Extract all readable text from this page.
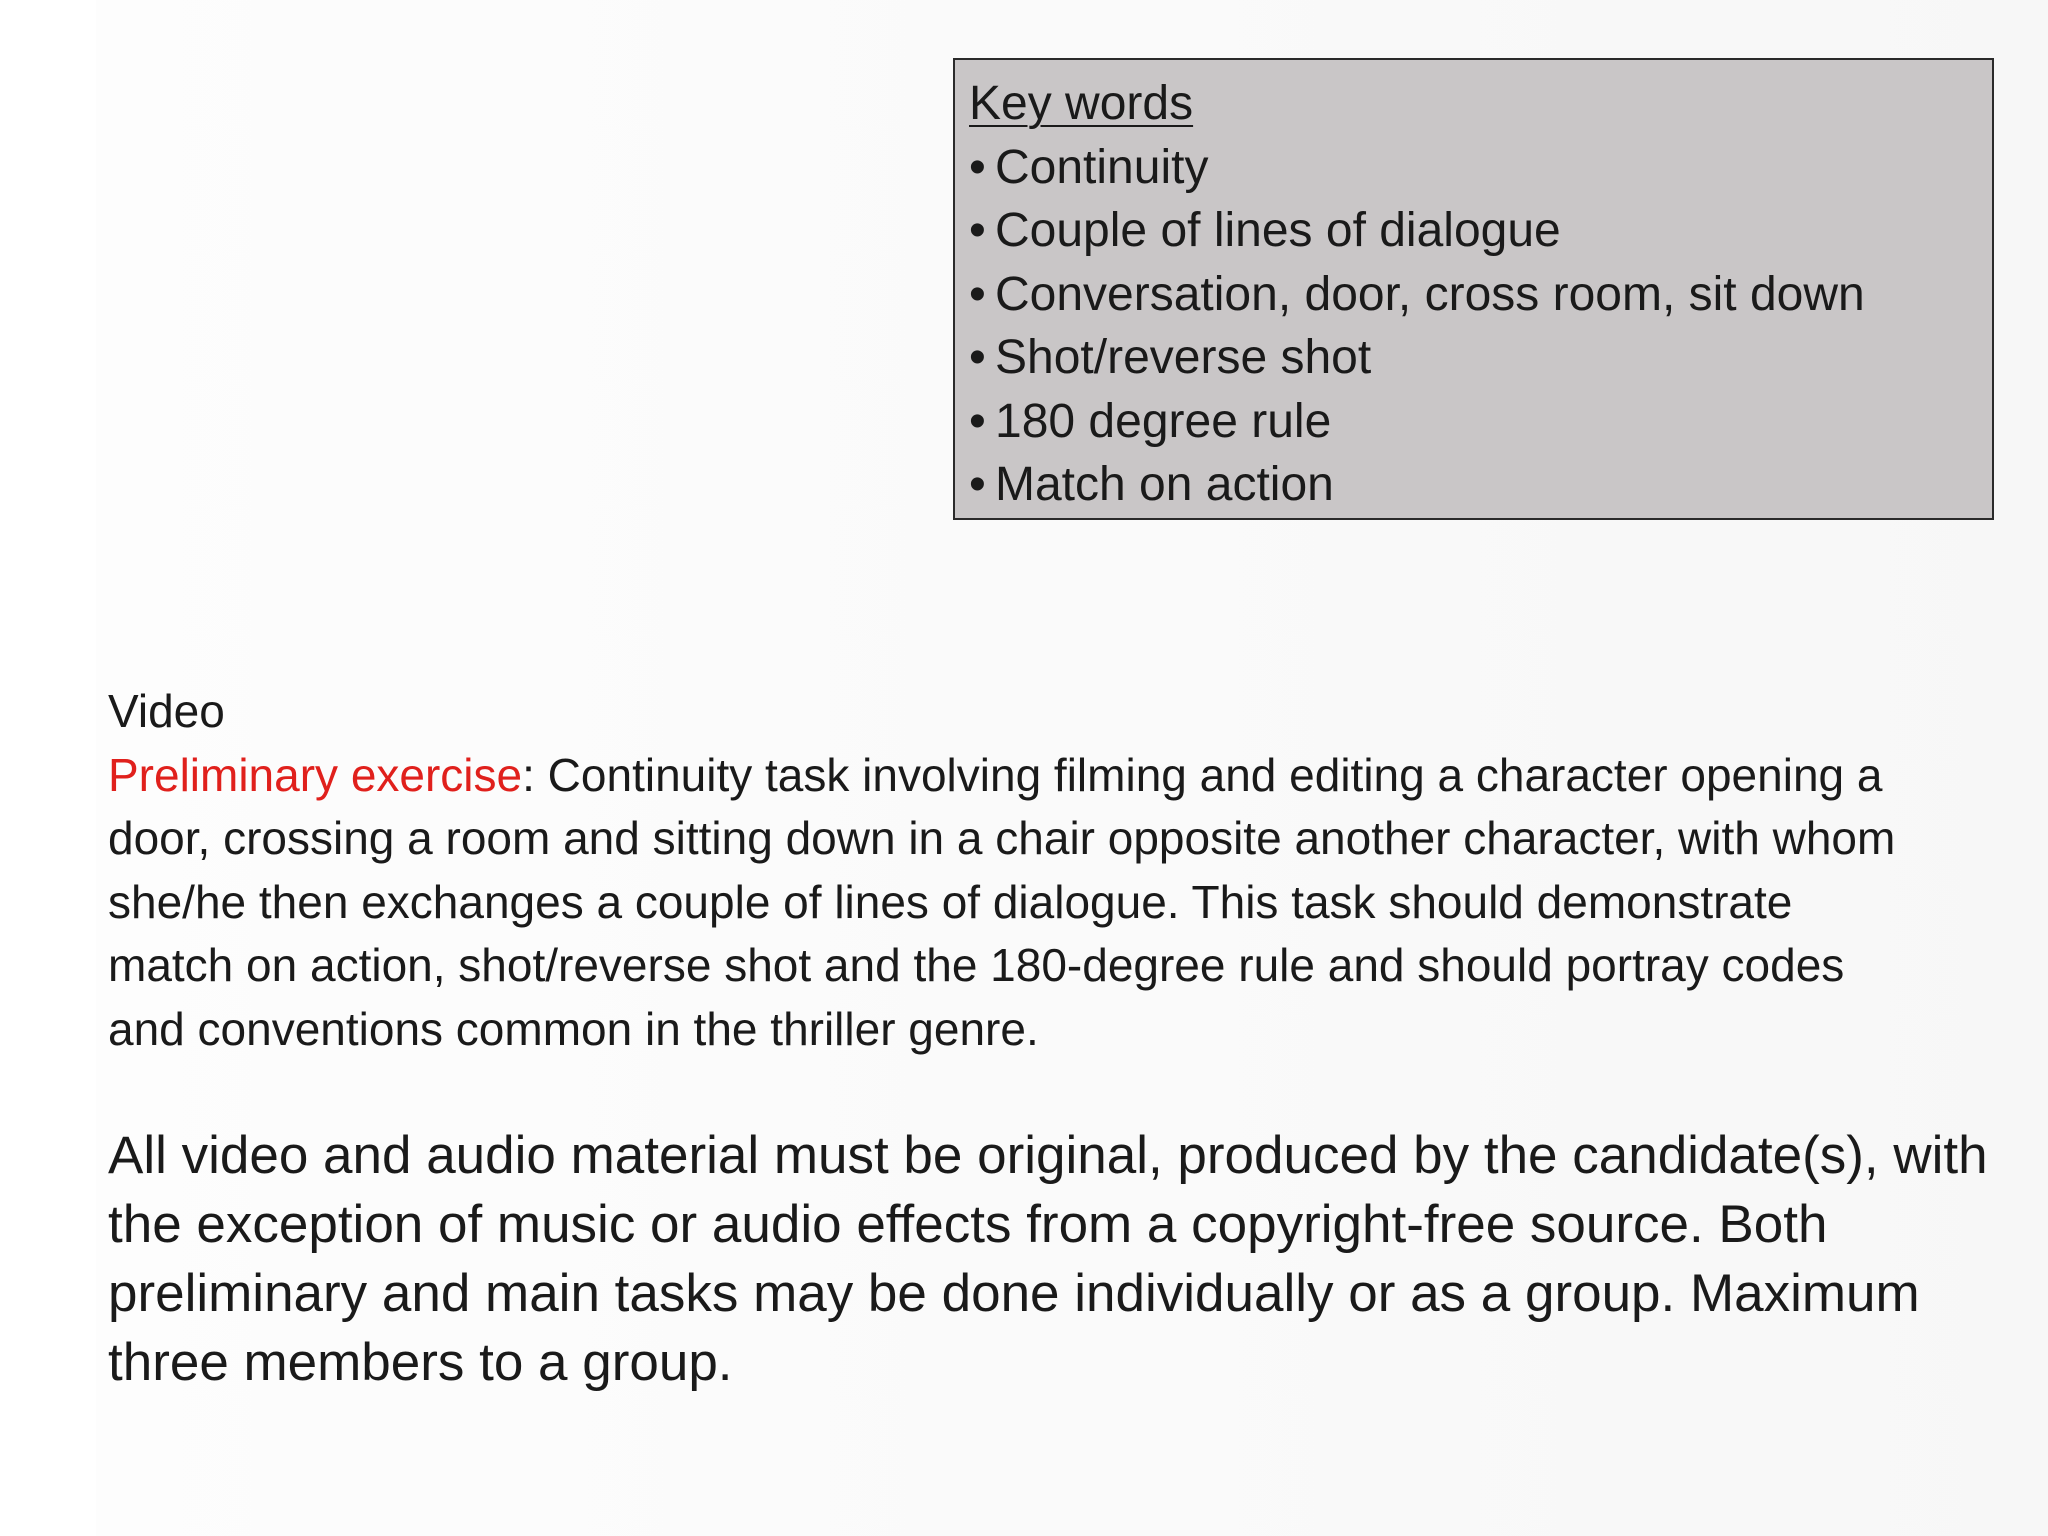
Key words
• Continuity
• Couple of lines of dialogue
• Conversation, door, cross room, sit down
• Shot/reverse shot
• 180 degree rule
• Match on action
Video

Preliminary exercise: Continuity task involving filming and editing a character opening a door, crossing a room and sitting down in a chair opposite another character, with whom she/he then exchanges a couple of lines of dialogue. This task should demonstrate match on action, shot/reverse shot and the 180-degree rule and should portray codes and conventions common in the thriller genre.

All video and audio material must be original, produced by the candidate(s), with the exception of music or audio effects from a copyright-free source. Both preliminary and main tasks may be done individually or as a group. Maximum three members to a group.
